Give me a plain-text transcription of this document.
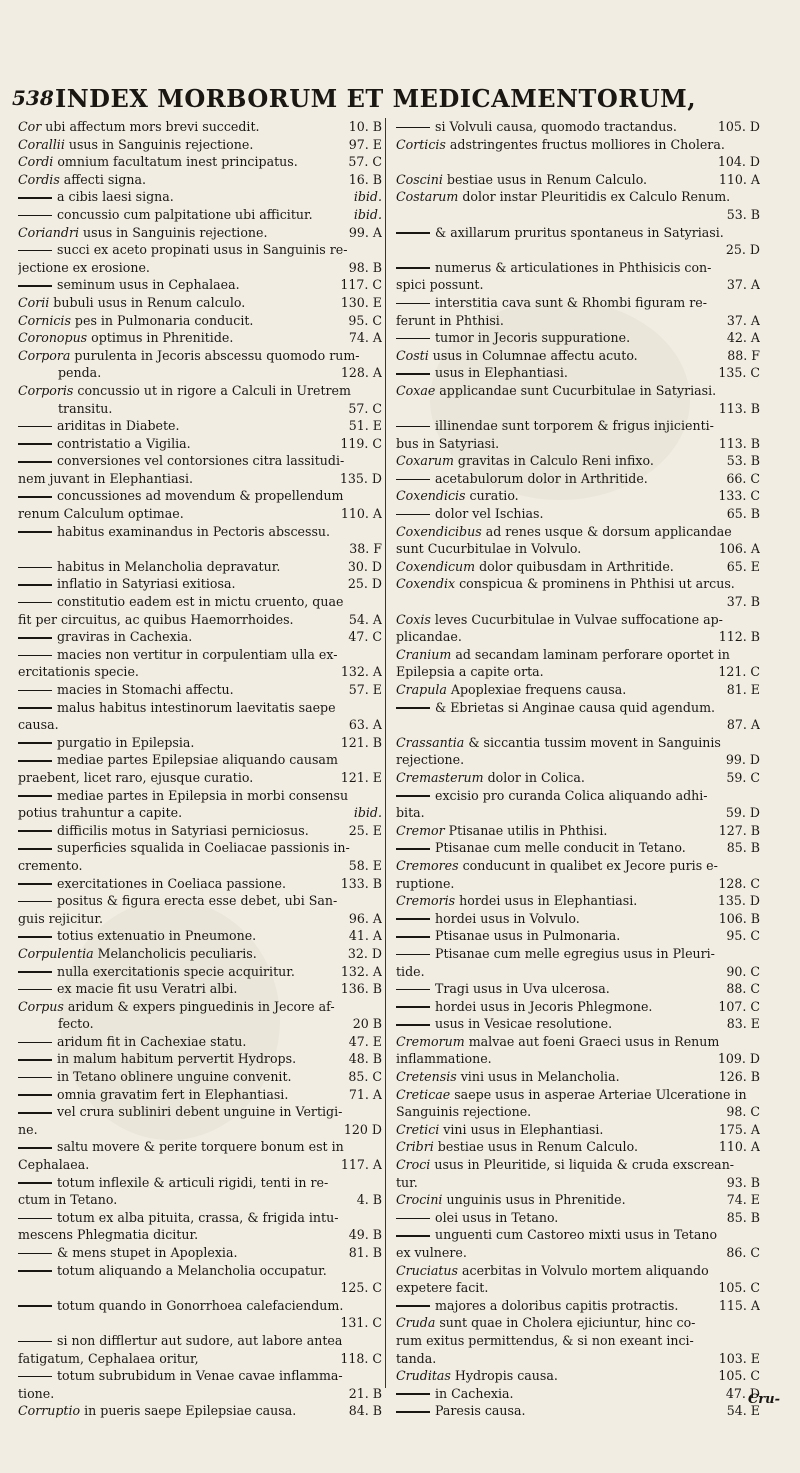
538 INDEX MORBORUM ET MEDICAMENTORUM,
Cor ubi affectum mors brevi succedit.	10. B
Corallii usus in Sanguinis rejectione.	97. E
Cordi omnium facultatum inest principatus.	57. C
Cordis affecti signa.	16. B
a cibis laesi signa.	ibid.
concussio cum palpitatione ubi afficitur.	ibid.
Coriandri usus in Sanguinis rejectione.	99. A
succi ex aceto propinati usus in Sanguinis re-
jectione ex erosione.	98. B
seminum usus in Cephalaea.	117. C
Corii bubuli usus in Renum calculo.	130. E
Cornicis pes in Pulmonaria conducit.	95. C
Coronopus optimus in Phrenitide.	74. A
Corpora purulenta in Jecoris abscessu quomodo rum-
penda.	128. A
Corporis concussio ut in rigore a Calculi in Uretrem
transitu.	57. C
ariditas in Diabete.	51. E
contristatio a Vigilia.	119. C
conversiones vel contorsiones citra lassitudi-
nem juvant in Elephantiasi.	135. D
concussiones ad movendum & propellendum
renum Calculum optimae.	110. A
habitus examinandus in Pectoris abscessu.
38. F
habitus in Melancholia depravatur.	30. D
inflatio in Satyriasi exitiosa.	25. D
constitutio eadem est in mictu cruento, quae
fit per circuitus, ac quibus Haemorrhoides.	54. A
graviras in Cachexia.	47. C
macies non vertitur in corpulentiam ulla ex-
ercitationis specie.	132. A
macies in Stomachi affectu.	57. E
malus habitus intestinorum laevitatis saepe
causa.	63. A
purgatio in Epilepsia.	121. B
mediae partes Epilepsiae aliquando causam
praebent, licet raro, ejusque curatio.	121. E
mediae partes in Epilepsia in morbi consensu
potius trahuntur a capite.	ibid.
difficilis motus in Satyriasi perniciosus.	25. E
superficies squalida in Coeliacae passionis in-
cremento.	58. E
exercitationes in Coeliaca passione.	133. B
positus & figura erecta esse debet, ubi San-
guis rejicitur.	96. A
totius extenuatio in Pneumone.	41. A
Corpulentia Melancholicis peculiaris.	32. D
nulla exercitationis specie acquiritur.	132. A
ex macie fit usu Veratri albi.	136. B
Corpus aridum & expers pinguedinis in Jecore af-
fecto.	20 B
aridum fit in Cachexiae statu.	47. E
in malum habitum pervertit Hydrops.	48. B
in Tetano oblinere unguine convenit.	85. C
omnia gravatim fert in Elephantiasi.	71. A
vel crura subliniri debent unguine in Vertigi-
ne.	120 D
saltu movere & perite torquere bonum est in
Cephalaea.	117. A
totum inflexile & articuli rigidi, tenti in re-
ctum in Tetano.	4. B
totum ex alba pituita, crassa, & frigida intu-
mescens Phlegmatia dicitur.	49. B
& mens stupet in Apoplexia.	81. B
totum aliquando a Melancholia occupatur.
125. C
totum quando in Gonorrhoea calefaciendum.
131. C
si non difflertur aut sudore, aut labore antea
fatigatum, Cephalaea oritur,	118. C
totum subrubidum in Venae cavae inflamma-
tione.	21. B
Corruptio in pueris saepe Epilepsiae causa.	84. B
si Volvuli causa, quomodo tractandus.	105. D
Corticis adstringentes fructus molliores in Cholera.
104. D
Coscini bestiae usus in Renum Calculo.	110. A
Costarum dolor instar Pleuritidis ex Calculo Renum.
53. B
& axillarum pruritus spontaneus in Satyriasi.
25. D
numerus & articulationes in Phthisicis con-
spici possunt.	37. A
interstitia cava sunt & Rhombi figuram re-
ferunt in Phthisi.	37. A
tumor in Jecoris suppuratione.	42. A
Costi usus in Columnae affectu acuto.	88. F
usus in Elephantiasi.	135. C
Coxae applicandae sunt Cucurbitulae in Satyriasi.
113. B
illinendae sunt torporem & frigus injicienti-
bus in Satyriasi.	113. B
Coxarum gravitas in Calculo Reni infixo.	53. B
acetabulorum dolor in Arthritide.	66. C
Coxendicis curatio.	133. C
dolor vel Ischias.	65. B
Coxendicibus ad renes usque & dorsum applicandae
sunt Cucurbitulae in Volvulo.	106. A
Coxendicum dolor quibusdam in Arthritide.	65. E
Coxendix conspicua & prominens in Phthisi ut arcus.
37. B
Coxis leves Cucurbitulae in Vulvae suffocatione ap-
plicandae.	112. B
Cranium ad secandam laminam perforare oportet in
Epilepsia a capite orta.	121. C
Crapula Apoplexiae frequens causa.	81. E
& Ebrietas si Anginae causa quid agendum.
87. A
Crassantia & siccantia tussim movent in Sanguinis
rejectione.	99. D
Cremasterum dolor in Colica.	59. C
excisio pro curanda Colica aliquando adhi-
bita.	59. D
Cremor Ptisanae utilis in Phthisi.	127. B
Ptisanae cum melle conducit in Tetano.	85. B
Cremores conducunt in qualibet ex Jecore puris e-
ruptione.	128. C
Cremoris hordei usus in Elephantiasi.	135. D
hordei usus in Volvulo.	106. B
Ptisanae usus in Pulmonaria.	95. C
Ptisanae cum melle egregius usus in Pleuri-
tide.	90. C
Tragi usus in Uva ulcerosa.	88. C
hordei usus in Jecoris Phlegmone.	107. C
usus in Vesicae resolutione.	83. E
Cremorum malvae aut foeni Graeci usus in Renum
inflammatione.	109. D
Cretensis vini usus in Melancholia.	126. B
Creticae saepe usus in asperae Arteriae Ulceratione in
Sanguinis rejectione.	98. C
Cretici vini usus in Elephantiasi.	175. A
Cribri bestiae usus in Renum Calculo.	110. A
Croci usus in Pleuritide, si liquida & cruda exscrean-
tur.	93. B
Crocini unguinis usus in Phrenitide.	74. E
olei usus in Tetano.	85. B
unguenti cum Castoreo mixti usus in Tetano
ex vulnere.	86. C
Cruciatus acerbitas in Volvulo mortem aliquando
expetere facit.	105. C
majores a doloribus capitis protractis.	115. A
Cruda sunt quae in Cholera ejiciuntur, hinc co-
rum exitus permittendus, & si non exeant inci-
tanda.	103. E
Cruditas Hydropis causa.	105. C
in Cachexia.	47. D
Paresis causa.	54. E
Cru-
